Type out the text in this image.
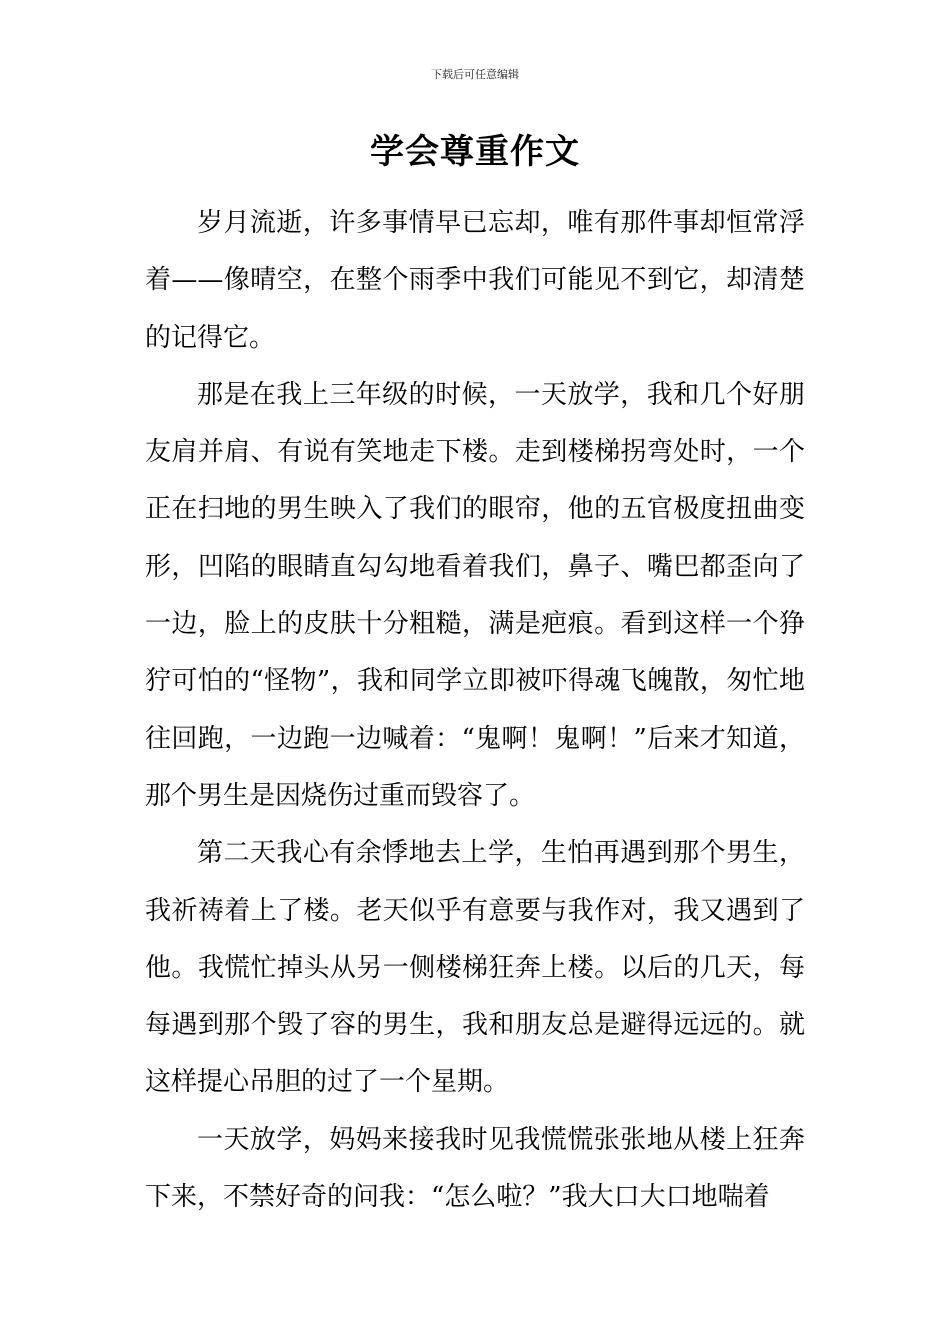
下载后可任意编辑
学会尊重作文

岁月流逝，许多事情早已忘却，唯有那件事却恒常浮着——像晴空，在整个雨季中我们可能见不到它，却清楚的记得它。

那是在我上三年级的时候，一天放学，我和几个好朋友肩并肩、有说有笑地走下楼。走到楼梯拐弯处时，一个正在扫地的男生映入了我们的眼帘，他的五官极度扭曲变形，凹陷的眼睛直勾勾地看着我们，鼻子、嘴巴都歪向了一边，脸上的皮肤十分粗糙，满是疤痕。看到这样一个狰狞可怕的“怪物”，我和同学立即被吓得魂飞魄散，匆忙地往回跑，一边跑一边喊着：“鬼啊！鬼啊！”后来才知道，那个男生是因烧伤过重而毁容了。

第二天我心有余悸地去上学，生怕再遇到那个男生，我祈祷着上了楼。老天似乎有意要与我作对，我又遇到了他。我慌忙掉头从另一侧楼梯狂奔上楼。以后的几天，每每遇到那个毁了容的男生，我和朋友总是避得远远的。就这样提心吊胆的过了一个星期。

一天放学，妈妈来接我时见我慌慌张张地从楼上狂奔下来，不禁好奇的问我：“怎么啦？”我大口大口地喘着
